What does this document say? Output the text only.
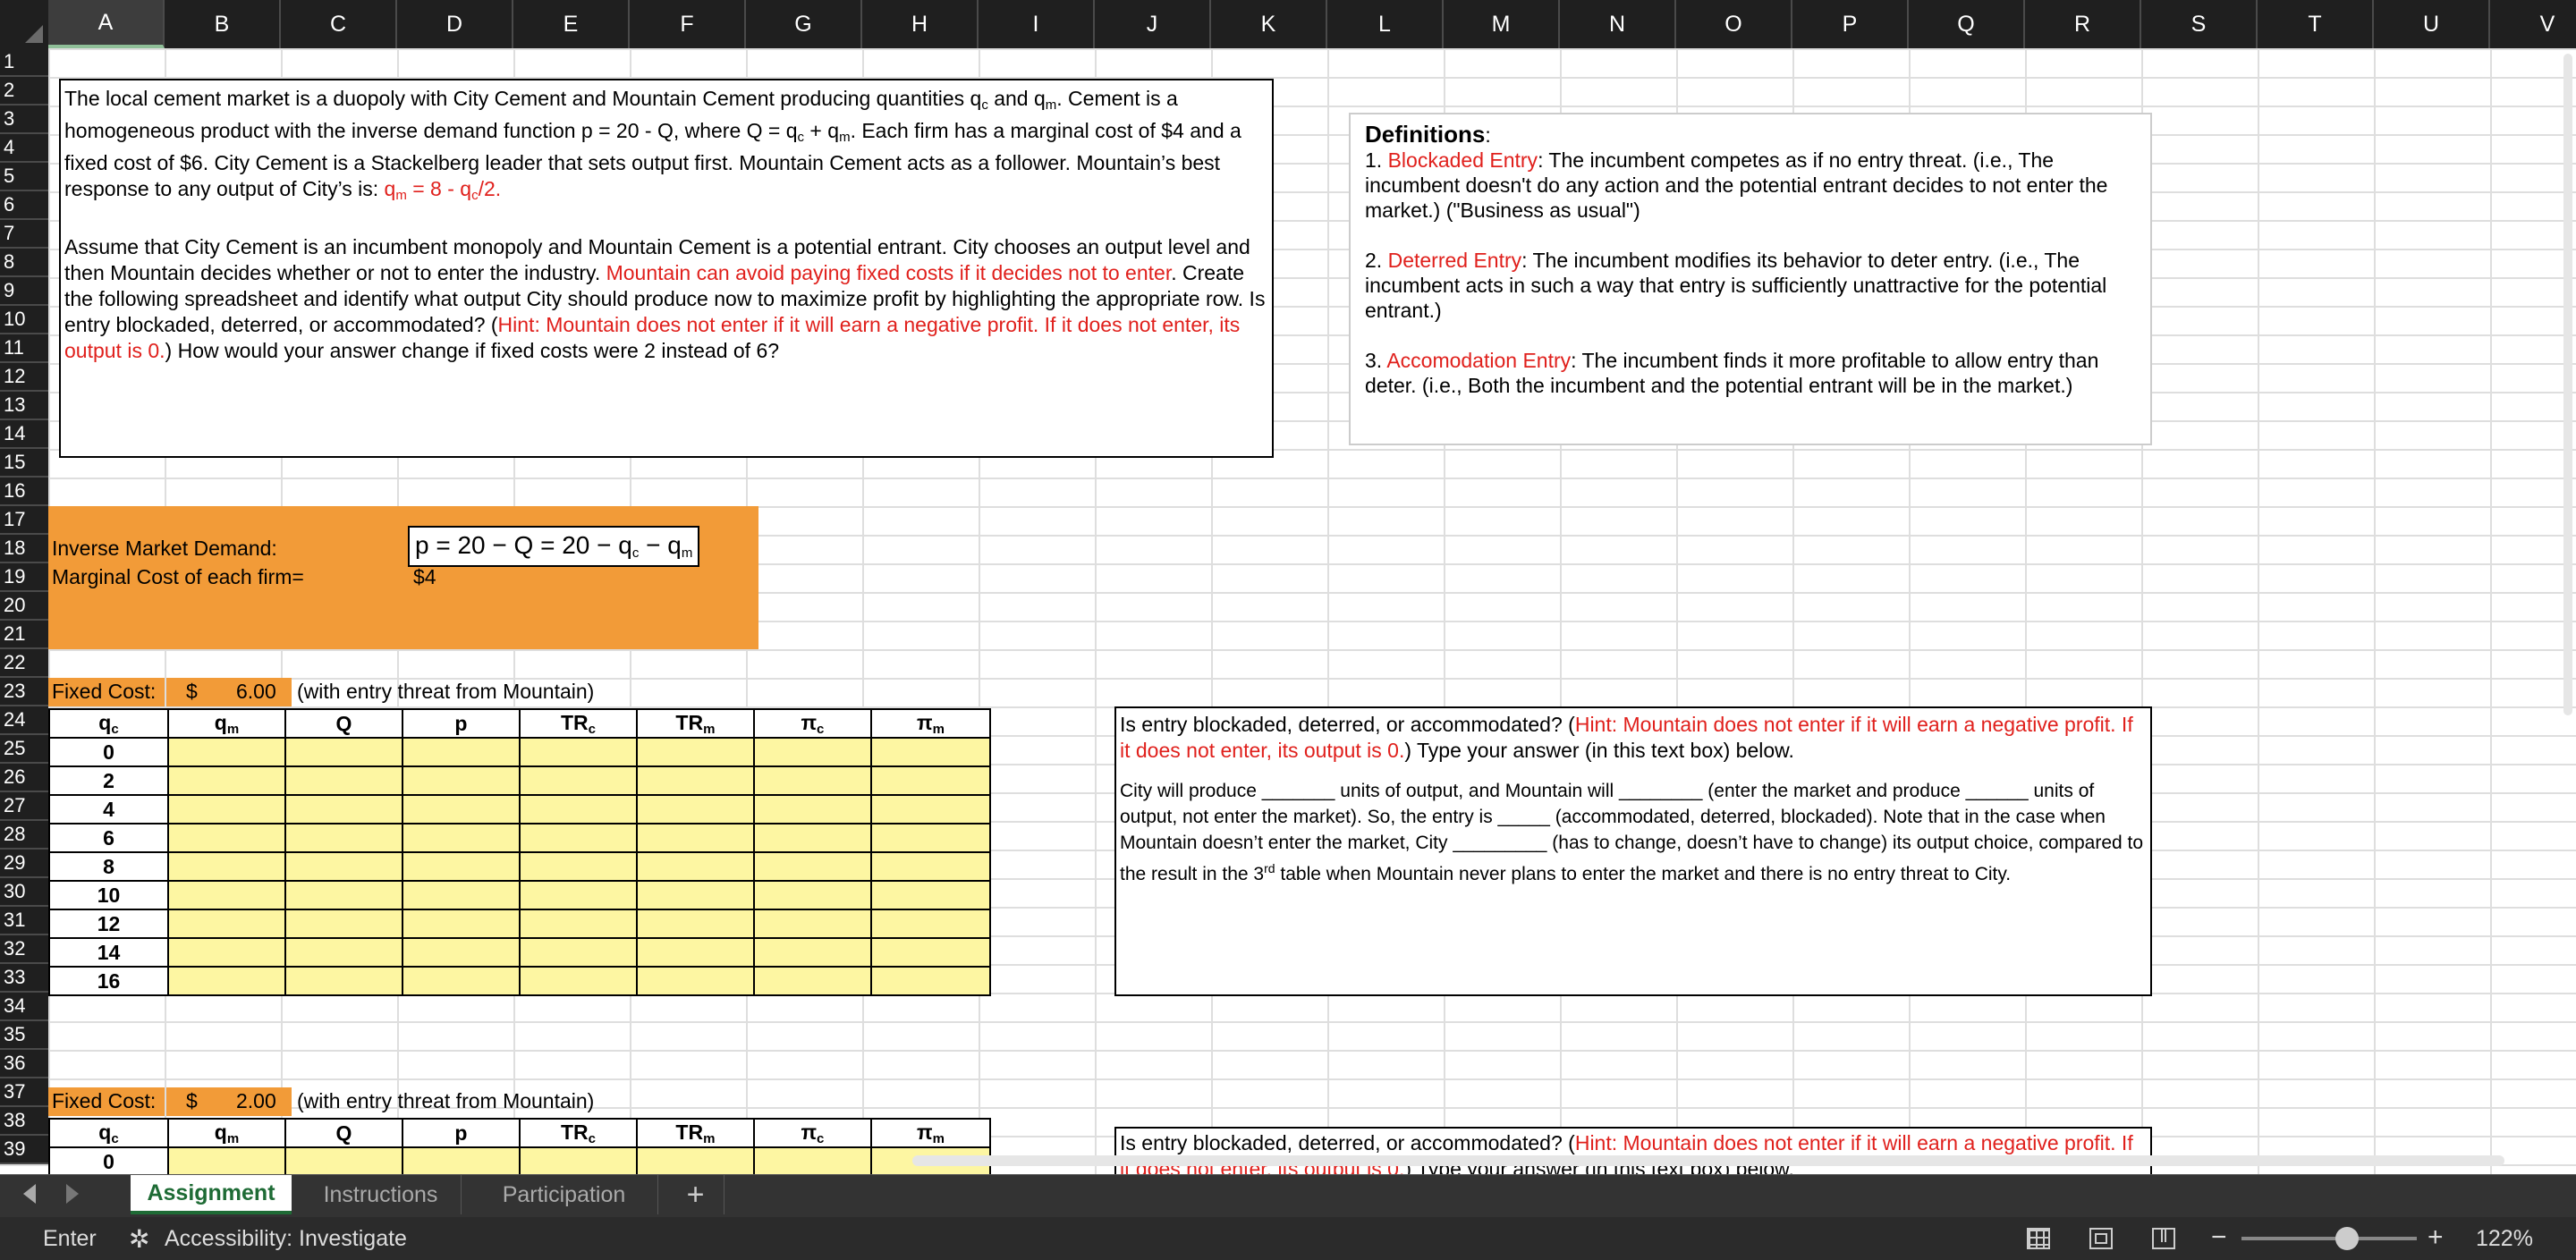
A	B	C	D	E	F	G	H	I	J	K	L	M	N	O	P	Q	R	S	T	U	V
1
2
3
4
5
6
7
8
9
10
11
12
13
14
15
16
17
18
19
20
21
22
23
24
25
26
27
28
29
30
31
32
33
34
35
36
37
38
39
The local cement market is a duopoly with City Cement and Mountain Cement producing quantities $q_c$ and $q_m$. Cement is a homogeneous product with the inverse demand function p = 20 - Q, where $Q = q_c + q_m$. Each firm has a marginal cost of $4 and a fixed cost of $6. City Cement is a Stackelberg leader that sets output first. Mountain Cement acts as a follower. Mountain’s best response to any output of City’s is: $q_m = 8 - q_c/2$.
Assume that City Cement is an incumbent monopoly and Mountain Cement is a potential entrant. City chooses an output level and then Mountain decides whether or not to enter the industry. Mountain can avoid paying fixed costs if it decides not to enter. Create the following spreadsheet and identify what output City should produce now to maximize profit by highlighting the appropriate row. Is entry blockaded, deterred, or accommodated? (Hint: Mountain does not enter if it will earn a negative profit. If it does not enter, its output is 0.) How would your answer change if fixed costs were 2 instead of 6?
Definitions:
1. Blockaded Entry: The incumbent competes as if no entry threat. (i.e., The incumbent doesn't do any action and the potential entrant decides to not enter the market.) ("Business as usual")
2. Deterred Entry: The incumbent modifies its behavior to deter entry. (i.e., The incumbent acts in such a way that entry is sufficiently unattractive for the potential entrant.)
3. Accomodation Entry: The incumbent finds it more profitable to allow entry than deter. (i.e., Both the incumbent and the potential entrant will be in the market.)
Inverse Market Demand:	$p = 20 - Q = 20 - q_c - q_m$
Marginal Cost of each firm=	$4
Fixed Cost: $ 6.00 (with entry threat from Mountain)
$q_c$	$q_m$	Q	p	$TR_c$	$TR_m$	$\pi_c$	$\pi_m$
0							
2							
4							
6							
8							
10							
12							
14							
16							
Is entry blockaded, deterred, or accommodated? (Hint: Mountain does not enter if it will earn a negative profit. If it does not enter, its output is 0.) Type your answer (in this text box) below.
City will produce _______ units of output, and Mountain will ________ (enter the market and produce ______ units of output, not enter the market). So, the entry is _____ (accommodated, deterred, blockaded). Note that in the case when Mountain doesn’t enter the market, City _________ (has to change, doesn’t have to change) its output choice, compared to the result in the 3rd table when Mountain never plans to enter the market and there is no entry threat to City.
Fixed Cost: $ 2.00 (with entry threat from Mountain)
$q_c$	$q_m$	Q	p	$TR_c$	$TR_m$	$\pi_c$	$\pi_m$
0							
Is entry blockaded, deterred, or accommodated? (Hint: Mountain does not enter if it will earn a negative profit. If
Assignment	Instructions	Participation	+
Enter ✲ Accessibility: Investigate	−	+ 122%
